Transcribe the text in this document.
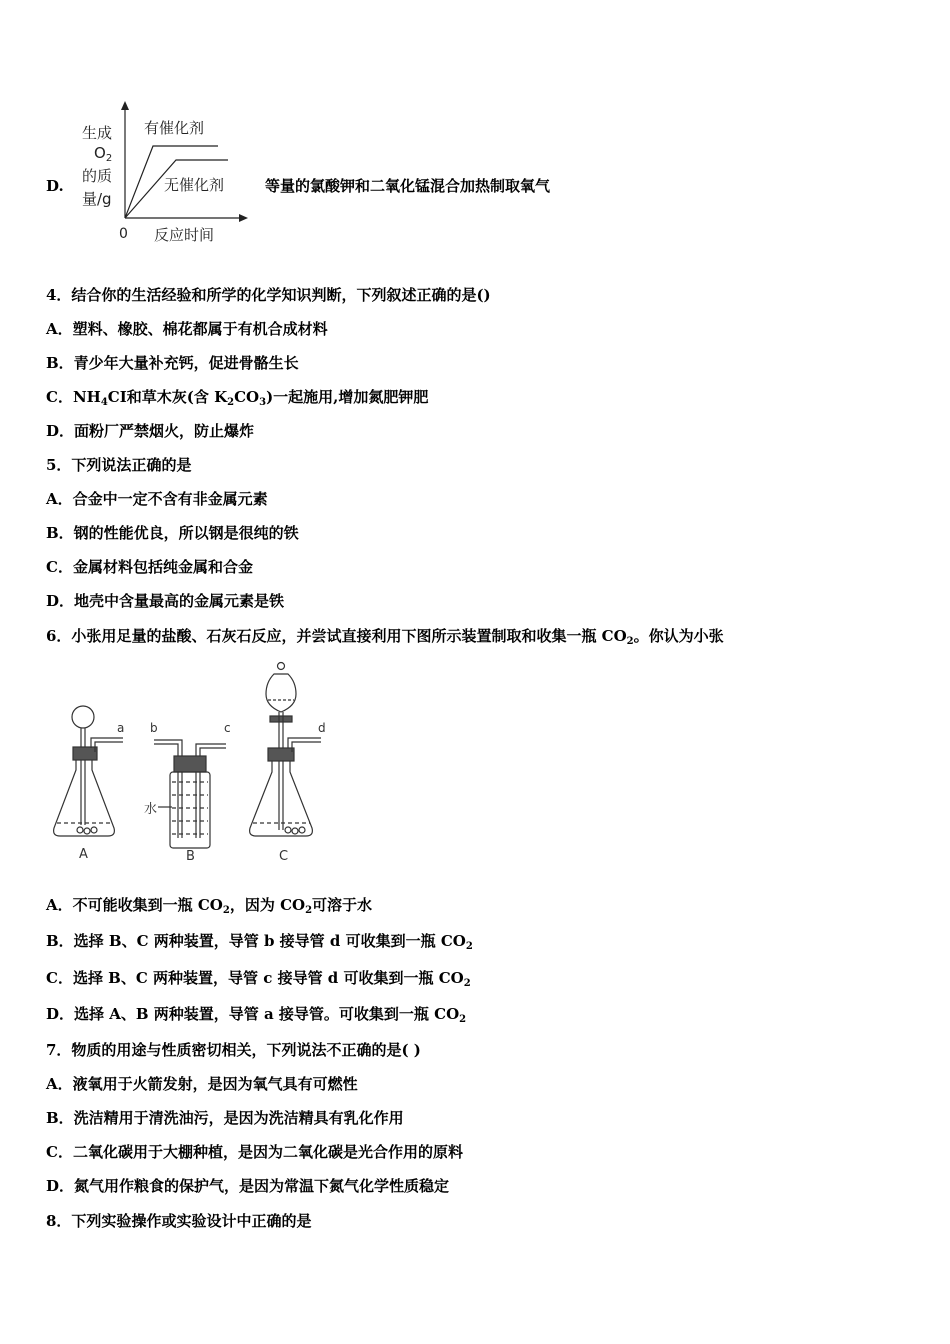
D.
生成
$O_2$
的质
量/g
有催化剂
无催化剂
0 反应时间
等量的氯酸钾和二氧化锰混合加热制取氧气
4．结合你的生活经验和所学的化学知识判断，下列叙述正确的是()
A．塑料、橡胶、棉花都属于有机合成材料
B．青少年大量补充钙，促进骨骼生长
C．$NH_4CI$和草木灰(含 $K_2CO_3$)一起施用,增加氮肥钾肥
D．面粉厂严禁烟火，防止爆炸
5．下列说法正确的是
A．合金中一定不含有非金属元素
B．钢的性能优良，所以钢是很纯的铁
C．金属材料包括纯金属和合金
D．地壳中含量最高的金属元素是铁
6．小张用足量的盐酸、石灰石反应，并尝试直接利用下图所示装置制取和收集一瓶 $CO_2$。你认为小张
a
A
b	c
水
B
d
C
A．不可能收集到一瓶 $CO_2$，因为 $CO_2$可溶于水
B．选择 B、C 两种装置，导管 b 接导管 d 可收集到一瓶 $CO_2$
C．选择 B、C 两种装置，导管 c 接导管 d 可收集到一瓶 $CO_2$
D．选择 A、B 两种装置，导管 a 接导管。可收集到一瓶 $CO_2$
7．物质的用途与性质密切相关，下列说法不正确的是( )
A．液氧用于火箭发射，是因为氧气具有可燃性
B．洗洁精用于清洗油污，是因为洗洁精具有乳化作用
C．二氧化碳用于大棚种植，是因为二氧化碳是光合作用的原料
D．氮气用作粮食的保护气，是因为常温下氮气化学性质稳定
8．下列实验操作或实验设计中正确的是
